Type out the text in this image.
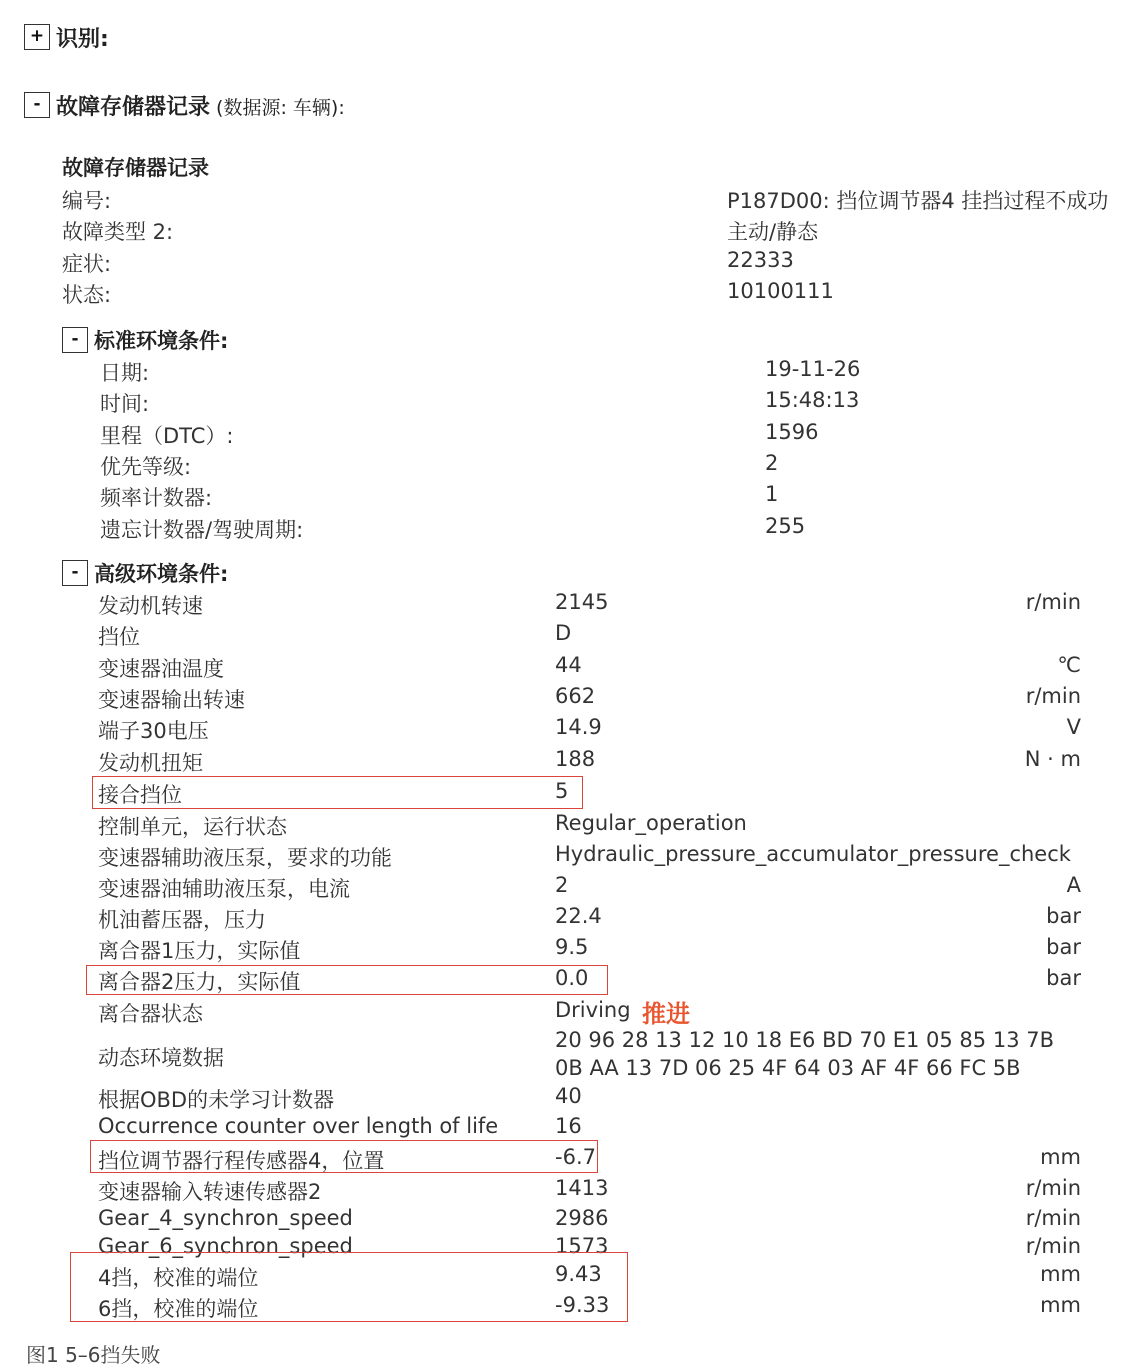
+ 识别:
- 故障存储器记录 (数据源: 车辆):
故障存储器记录
编号:	P187D00: 挡位调节器4 挂挡过程不成功
故障类型 2:	主动/静态
症状:	22333
状态:	10100111
- 标准环境条件:
日期:	19-11-26
时间:	15:48:13
里程（DTC）:	1596
优先等级:	2
频率计数器:	1
遗忘计数器/驾驶周期:	255
- 高级环境条件:
发动机转速	2145	r/min
挡位	D
变速器油温度	44	℃
变速器输出转速	662	r/min
端子30电压	14.9	V
发动机扭矩	188	N · m
接合挡位	5
控制单元，运行状态	Regular_operation
变速器辅助液压泵，要求的功能	Hydraulic_pressure_accumulator_pressure_check
变速器油辅助液压泵，电流	2	A
机油蓄压器，压力	22.4	bar
离合器1压力，实际值	9.5	bar
离合器2压力，实际值	0.0	bar
离合器状态	Driving 推进
动态环境数据
20 96 28 13 12 10 18 E6 BD 70 E1 05 85 13 7B
0B AA 13 7D 06 25 4F 64 03 AF 4F 66 FC 5B
根据OBD的未学习计数器	40
Occurrence counter over length of life	16
挡位调节器行程传感器4，位置	-6.7	mm
变速器输入转速传感器2	1413	r/min
Gear_4_synchron_speed	2986	r/min
Gear_6_synchron_speed	1573	r/min
4挡，校准的端位	9.43	mm
6挡，校准的端位	-9.33	mm
图1 5–6挡失败
